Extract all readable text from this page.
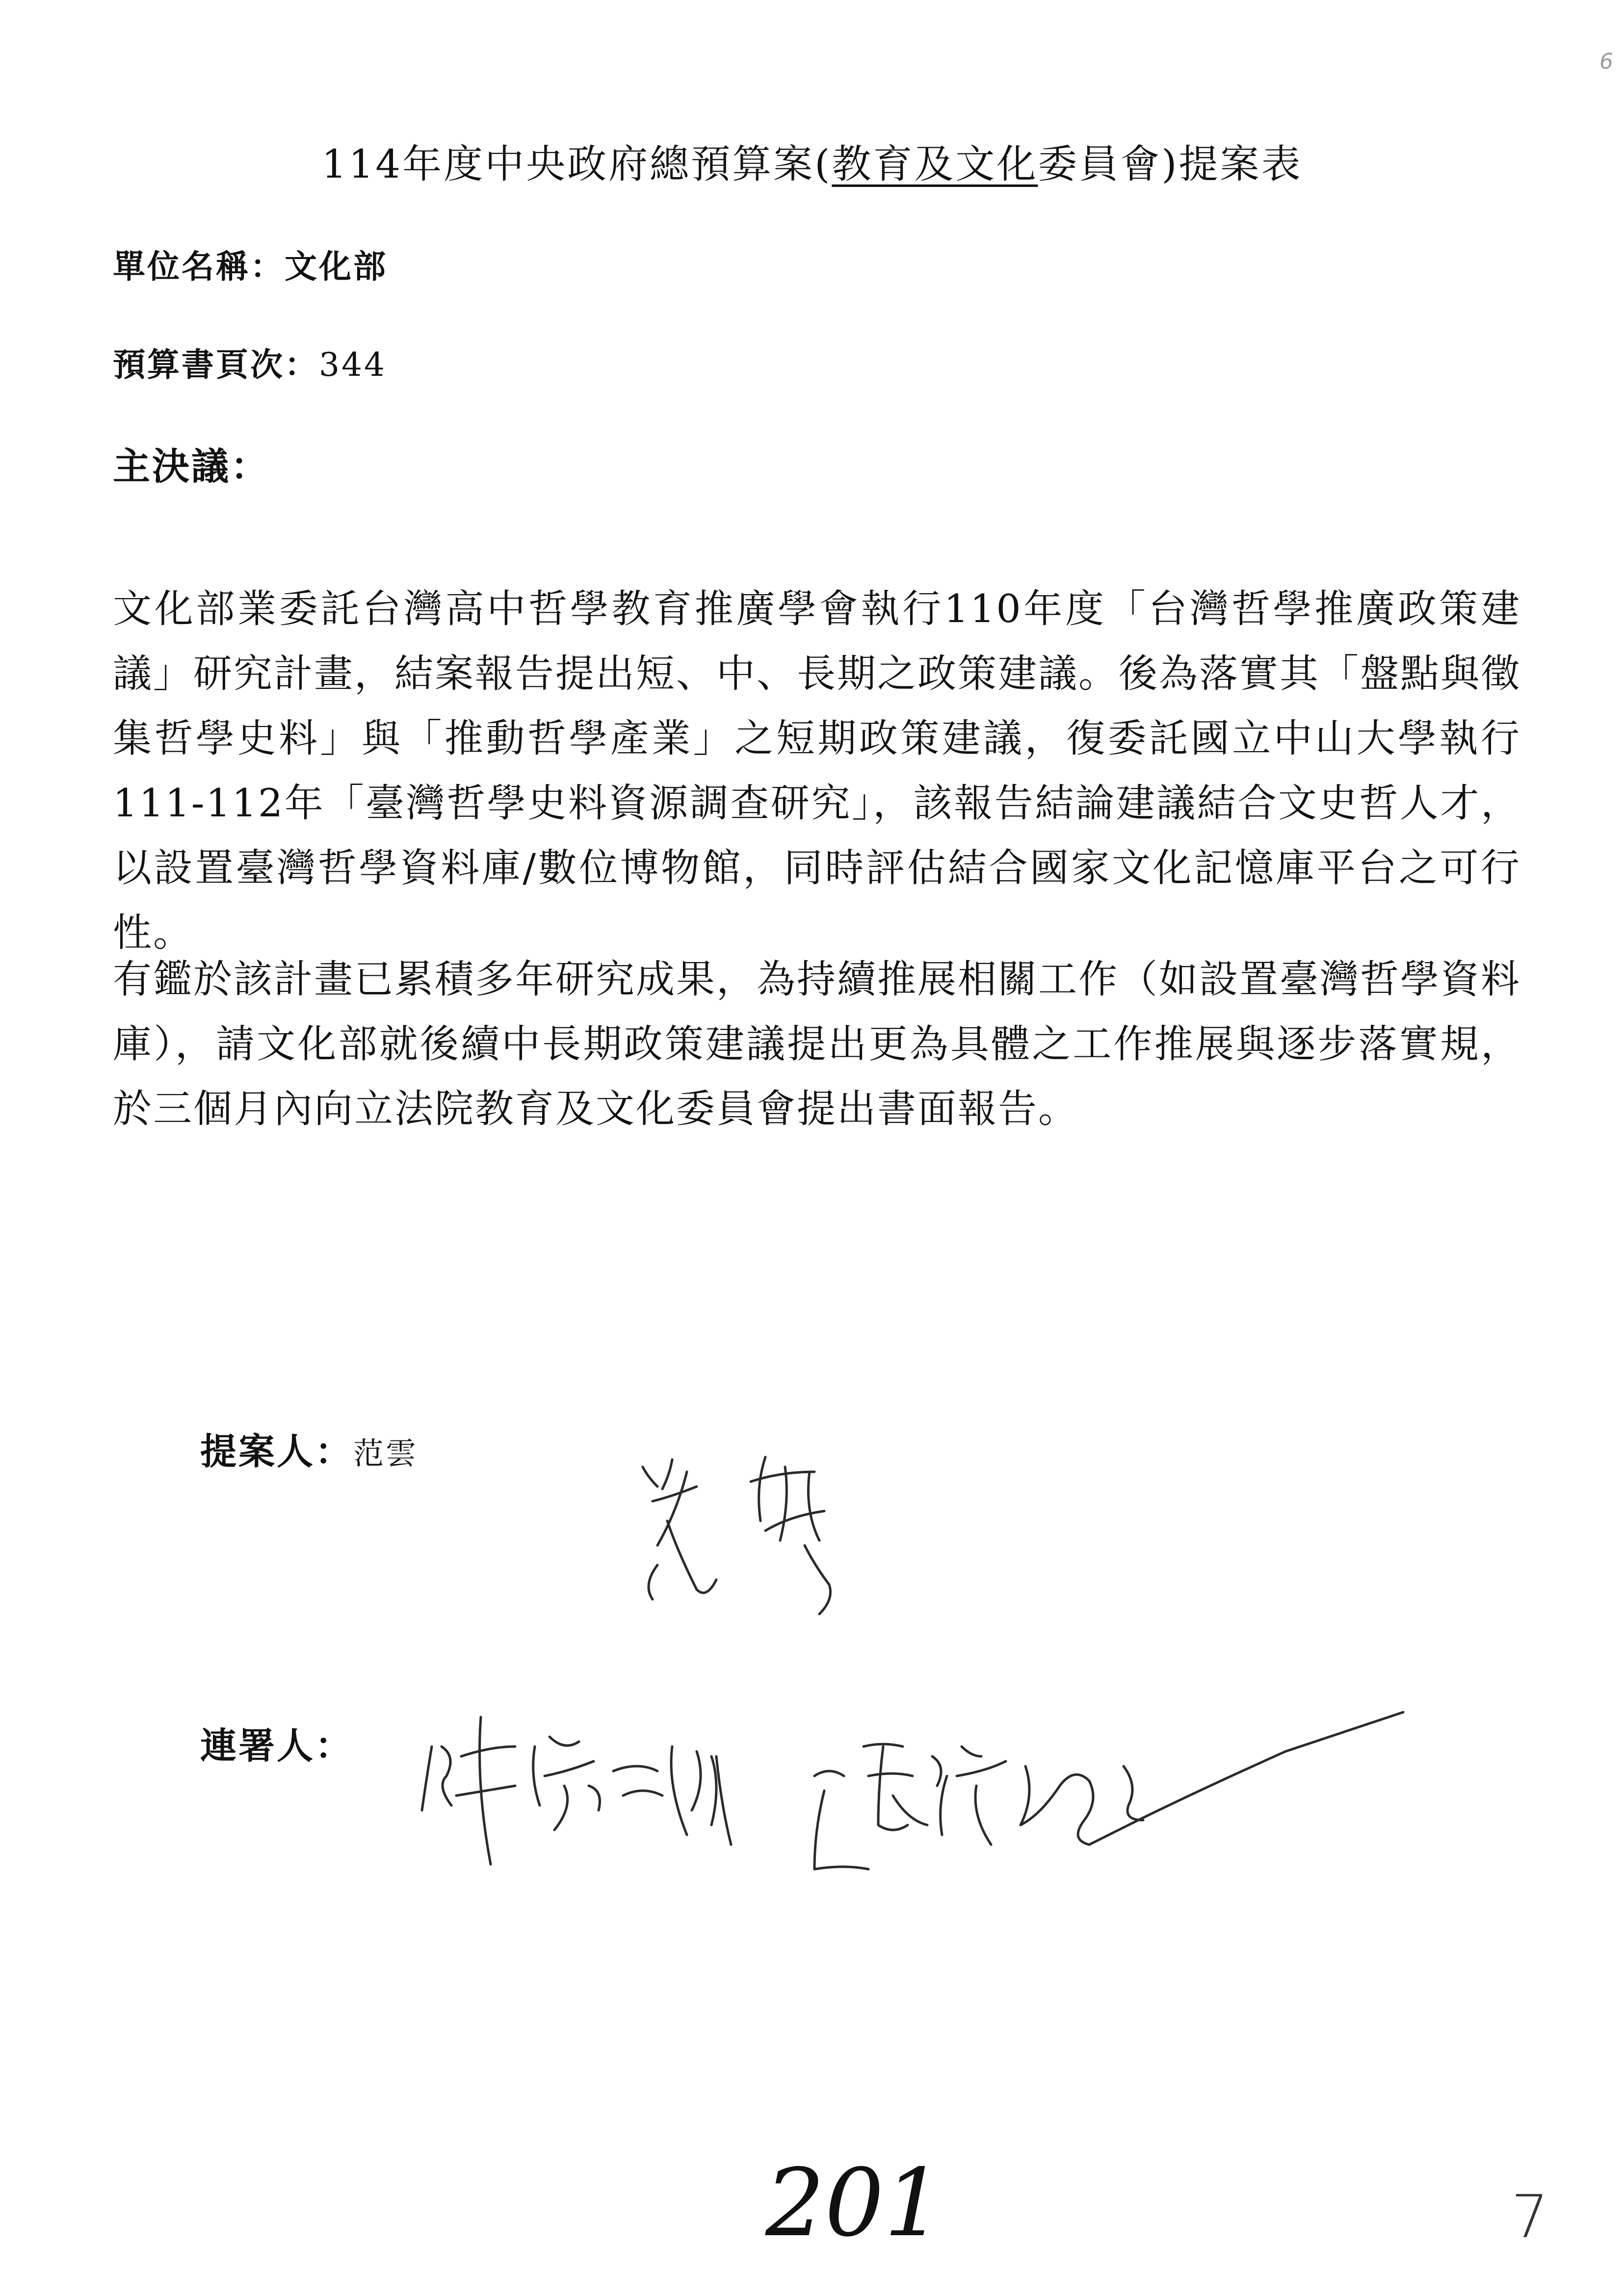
6
114年度中央政府總預算案(教育及文化委員會)提案表
單位名稱：文化部
預算書頁次：344
主決議：

文化部業委託台灣高中哲學教育推廣學會執行110年度「台灣哲學推廣政策建議」研究計畫，結案報告提出短、中、長期之政策建議。後為落實其「盤點與徵集哲學史料」與「推動哲學產業」之短期政策建議，復委託國立中山大學執行111-112年「臺灣哲學史料資源調查研究」，該報告結論建議結合文史哲人才，以設置臺灣哲學資料庫/數位博物館，同時評估結合國家文化記憶庫平台之可行性。

有鑑於該計畫已累積多年研究成果，為持續推展相關工作（如設置臺灣哲學資料庫），請文化部就後續中長期政策建議提出更為具體之工作推展與逐步落實規，於三個月內向立法院教育及文化委員會提出書面報告。

提案人：范雲
連署人：
201	7
